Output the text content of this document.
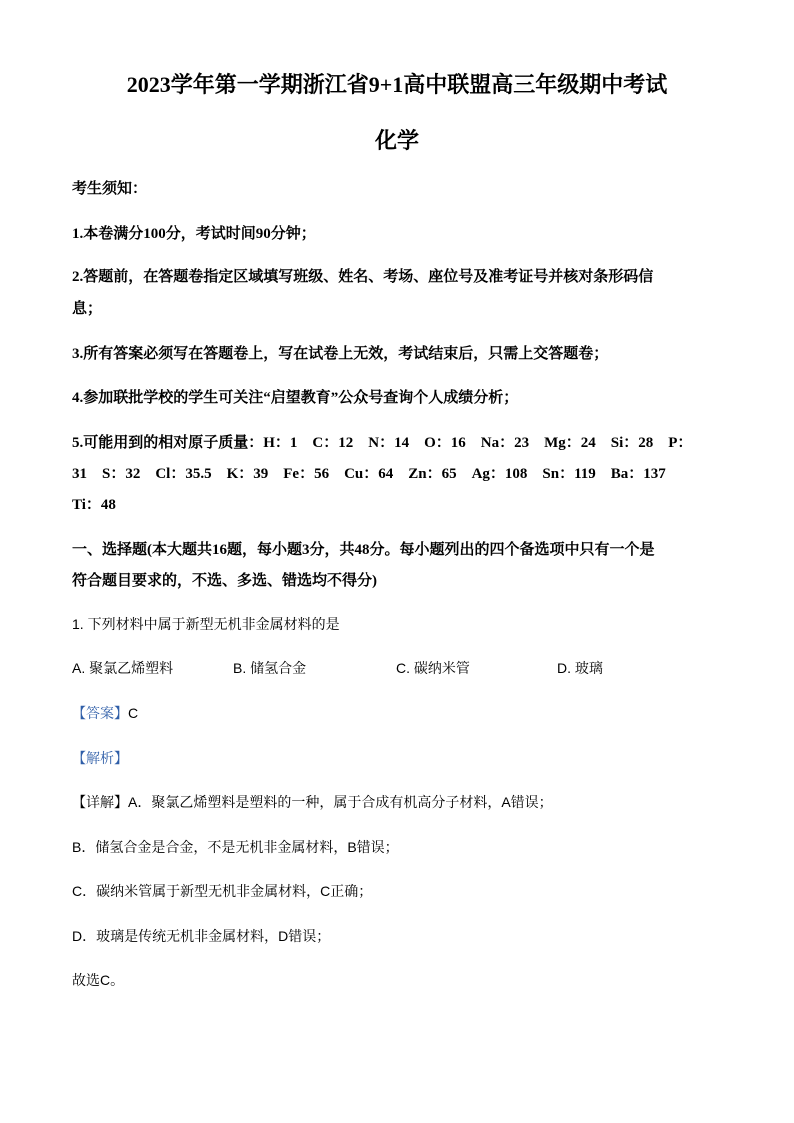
2023学年第一学期浙江省9+1高中联盟高三年级期中考试
化学
考生须知：
1.本卷满分100分，考试时间90分钟；
2.答题前，在答题卷指定区域填写班级、姓名、考场、座位号及准考证号并核对条形码信
息；
3.所有答案必须写在答题卷上，写在试卷上无效，考试结束后，只需上交答题卷；
4.参加联批学校的学生可关注“启望教育”公众号查询个人成绩分析；
5.可能用到的相对原子质量：H：1　C：12　N：14　O：16　Na：23　Mg：24　Si：28　P：
31　S：32　Cl：35.5　K：39　Fe：56　Cu：64　Zn：65　Ag：108　Sn：119　Ba：137
Ti：48
一、选择题(本大题共16题，每小题3分，共48分。每小题列出的四个备选项中只有一个是
符合题目要求的，不选、多选、错选均不得分)
1. 下列材料中属于新型无机非金属材料的是
A. 聚氯乙烯塑料	B. 储氢合金	C. 碳纳米管	D. 玻璃
【答案】C
【解析】
【详解】A．聚氯乙烯塑料是塑料的一种，属于合成有机高分子材料，A错误；
B．储氢合金是合金，不是无机非金属材料，B错误；
C．碳纳米管属于新型无机非金属材料，C正确；
D．玻璃是传统无机非金属材料，D错误；
故选C。
